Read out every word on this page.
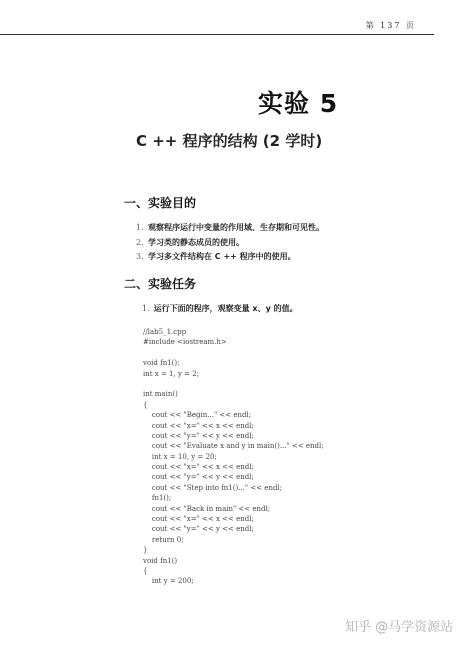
第 137 页
实验 5
C ++ 程序的结构 (2 学时)
一、实验目的
1. 观察程序运行中变量的作用域、生存期和可见性。
2. 学习类的静态成员的使用。
3. 学习多文件结构在 C ++ 程序中的使用。
二、实验任务
1. 运行下面的程序，观察变量 x、y 的值。
//lab5_1.cpp
#include <iostream.h>
void fn1();
int x = 1, y = 2;
int main()
{
cout << "Begin..." << endl;
cout << "x=" << x << endl;
cout << "y=" << y << endl;
cout << "Evaluate x and y in main()..." << endl;
int x = 10, y = 20;
cout << "x=" << x << endl;
cout << "y=" << y << endl;
cout << "Step into fn1()..." << endl;
fn1();
cout << "Back in main" << endl;
cout << "x=" << x << endl;
cout << "y=" << y << endl;
return 0;
}
void fn1()
{
int y = 200;
知乎 @马学资源站
